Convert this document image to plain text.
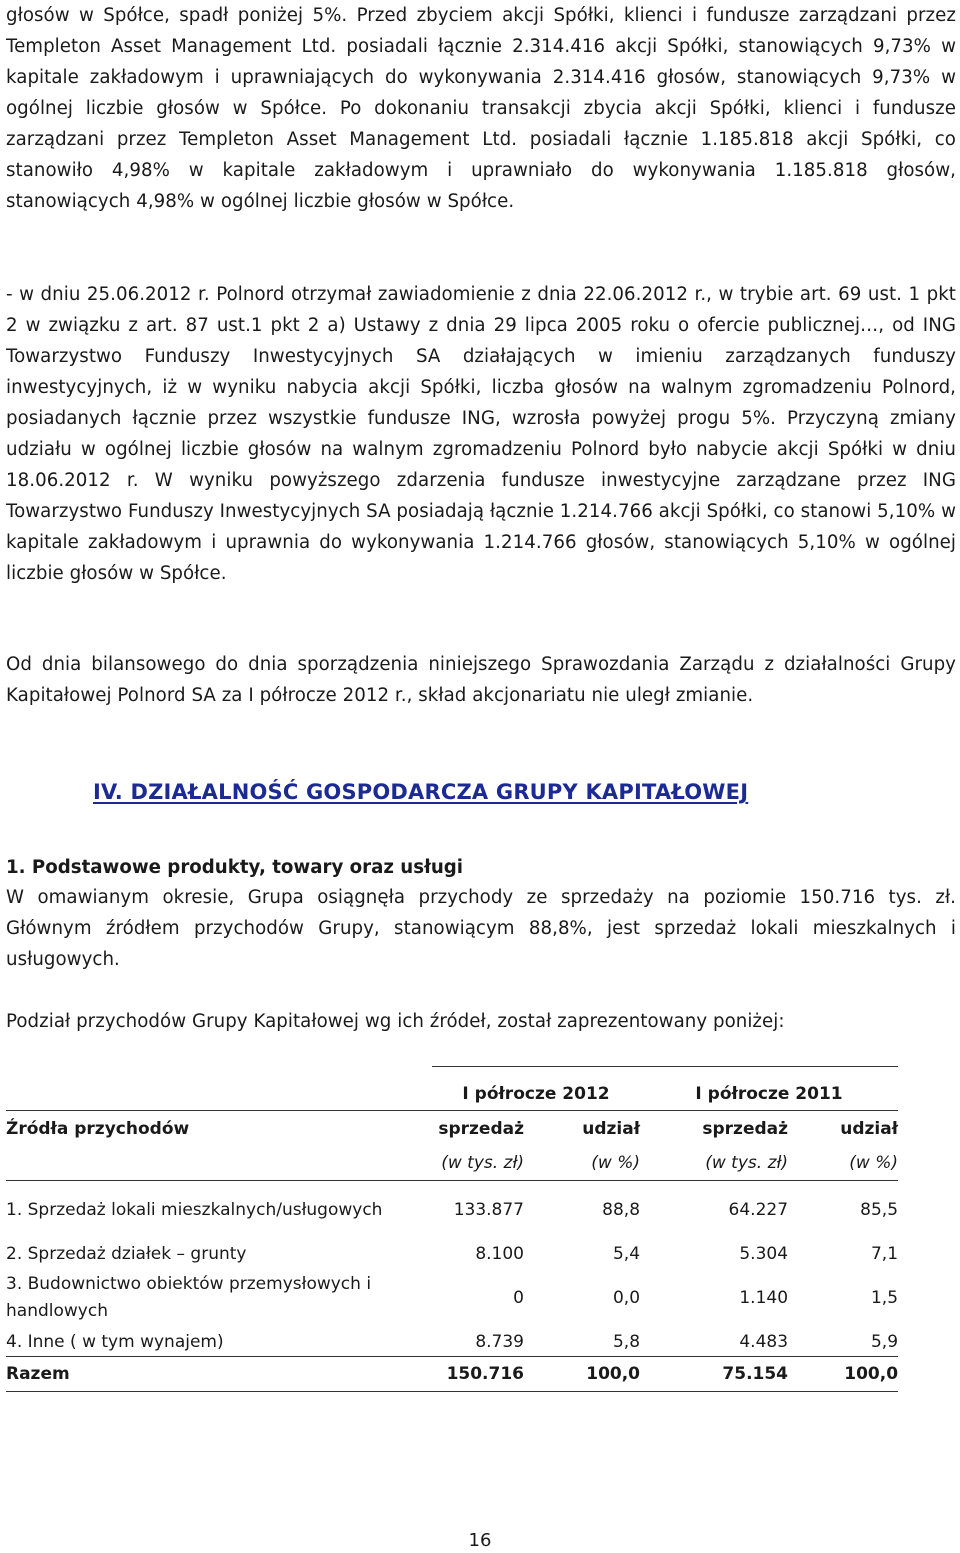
głosów w Spółce, spadł poniżej 5%. Przed zbyciem akcji Spółki, klienci i fundusze zarządzani przez Templeton Asset Management Ltd. posiadali łącznie 2.314.416 akcji Spółki, stanowiących 9,73% w kapitale zakładowym i uprawniających do wykonywania 2.314.416 głosów, stanowiących 9,73% w ogólnej liczbie głosów w Spółce. Po dokonaniu transakcji zbycia akcji Spółki, klienci i fundusze zarządzani przez Templeton Asset Management Ltd. posiadali łącznie 1.185.818 akcji Spółki, co stanowiło 4,98% w kapitale zakładowym i uprawniało do wykonywania 1.185.818 głosów, stanowiących 4,98% w ogólnej liczbie głosów w Spółce.

- w dniu 25.06.2012 r. Polnord otrzymał zawiadomienie z dnia 22.06.2012 r., w trybie art. 69 ust. 1 pkt 2 w związku z art. 87 ust.1 pkt 2 a) Ustawy z dnia 29 lipca 2005 roku o ofercie publicznej…, od ING Towarzystwo Funduszy Inwestycyjnych SA działających w imieniu zarządzanych funduszy inwestycyjnych, iż w wyniku nabycia akcji Spółki, liczba głosów na walnym zgromadzeniu Polnord, posiadanych łącznie przez wszystkie fundusze ING, wzrosła powyżej progu 5%. Przyczyną zmiany udziału w ogólnej liczbie głosów na walnym zgromadzeniu Polnord było nabycie akcji Spółki w dniu 18.06.2012 r. W wyniku powyższego zdarzenia fundusze inwestycyjne zarządzane przez ING Towarzystwo Funduszy Inwestycyjnych SA posiadają łącznie 1.214.766 akcji Spółki, co stanowi 5,10% w kapitale zakładowym i uprawnia do wykonywania 1.214.766 głosów, stanowiących 5,10% w ogólnej liczbie głosów w Spółce.

Od dnia bilansowego do dnia sporządzenia niniejszego Sprawozdania Zarządu z działalności Grupy Kapitałowej Polnord SA za I półrocze 2012 r., skład akcjonariatu nie uległ zmianie.

IV. DZIAŁALNOŚĆ GOSPODARCZA GRUPY KAPITAŁOWEJ
1. Podstawowe produkty, towary oraz usługi

W omawianym okresie, Grupa osiągnęła przychody ze sprzedaży na poziomie 150.716 tys. zł. Głównym źródłem przychodów Grupy, stanowiącym 88,8%, jest sprzedaż lokali mieszkalnych i usługowych.

Podział przychodów Grupy Kapitałowej wg ich źródeł, został zaprezentowany poniżej:

	I półrocze 2012		I półrocze 2011	
Źródła przychodów	sprzedaż	udział	sprzedaż	udział
	(w tys. zł)	(w %)	(w tys. zł)	(w %)
1. Sprzedaż lokali mieszkalnych/usługowych	133.877	88,8	64.227	85,5
2. Sprzedaż działek – grunty	8.100	5,4	5.304	7,1
3. Budownictwo obiektów przemysłowych i handlowych	0	0,0	1.140	1,5
4. Inne ( w tym wynajem)	8.739	5,8	4.483	5,9
Razem	150.716	100,0	75.154	100,0
16
